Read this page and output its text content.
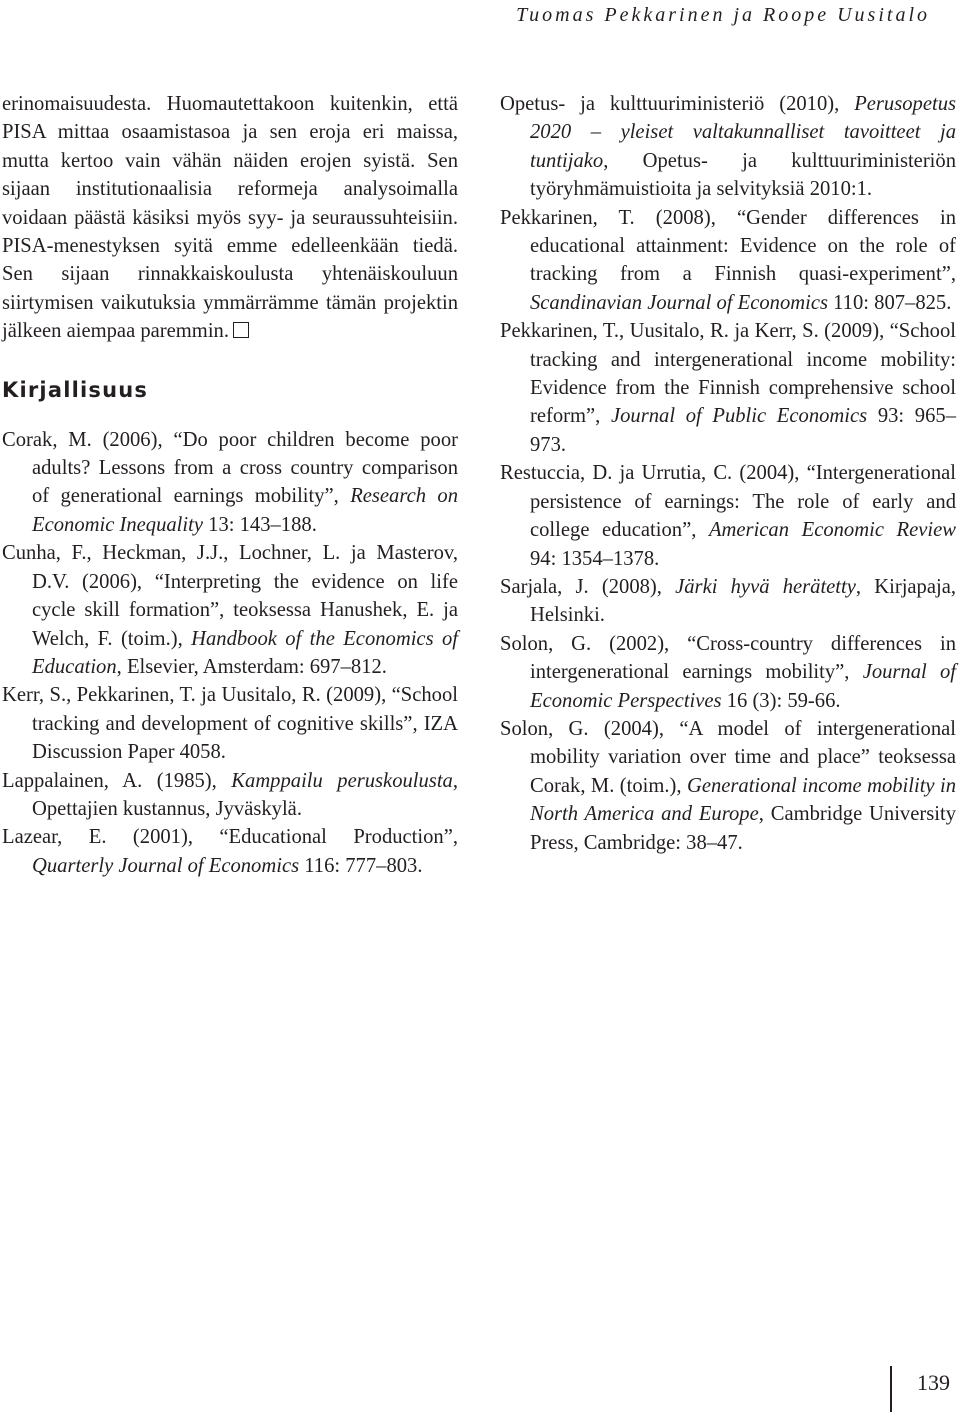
Tuomas Pekkarinen ja Roope Uusitalo

erinomaisuudesta. Huomautettakoon kuitenkin, että PISA mittaa osaamistasoa ja sen eroja eri maissa, mutta kertoo vain vähän näiden erojen syistä. Sen sijaan institutionaalisia reformeja analysoimalla voidaan päästä käsiksi myös syy- ja seuraussuhteisiin. PISA-menestyksen syitä emme edelleenkään tiedä. Sen sijaan rinnakkaiskoulusta yhtenäiskouluun siirtymisen vaikutuksia ymmärrämme tämän projektin jälkeen aiempaa paremmin.

Kirjallisuus
Corak, M. (2006), “Do poor children become poor adults? Lessons from a cross country comparison of generational earnings mobility”, Research on Economic Inequality 13: 143–188.
Cunha, F., Heckman, J.J., Lochner, L. ja Masterov, D.V. (2006), “Interpreting the evidence on life cycle skill formation”, teoksessa Hanushek, E. ja Welch, F. (toim.), Handbook of the Economics of Education, Elsevier, Amsterdam: 697–812.
Kerr, S., Pekkarinen, T. ja Uusitalo, R. (2009), “School tracking and development of cognitive skills”, IZA Discussion Paper 4058.
Lappalainen, A. (1985), Kamppailu peruskoulusta, Opettajien kustannus, Jyväskylä.
Lazear, E. (2001), “Educational Production”, Quarterly Journal of Economics 116: 777–803.
Opetus- ja kulttuuriministeriö (2010), Perusopetus 2020 – yleiset valtakunnalliset tavoitteet ja tuntijako, Opetus- ja kulttuuriministeriön työryhmämuistioita ja selvityksiä 2010:1.
Pekkarinen, T. (2008), “Gender differences in educational attainment: Evidence on the role of tracking from a Finnish quasi-experiment”, Scandinavian Journal of Economics 110: 807–825.
Pekkarinen, T., Uusitalo, R. ja Kerr, S. (2009), “School tracking and intergenerational income mobility: Evidence from the Finnish comprehensive school reform”, Journal of Public Economics 93: 965–973.
Restuccia, D. ja Urrutia, C. (2004), “Intergenerational persistence of earnings: The role of early and college education”, American Economic Review 94: 1354–1378.
Sarjala, J. (2008), Järki hyvä herätetty, Kirjapaja, Helsinki.
Solon, G. (2002), “Cross-country differences in intergenerational earnings mobility”, Journal of Economic Perspectives 16 (3): 59-66.
Solon, G. (2004), “A model of intergenerational mobility variation over time and place” teoksessa Corak, M. (toim.), Generational income mobility in North America and Europe, Cambridge University Press, Cambridge: 38–47.
139
